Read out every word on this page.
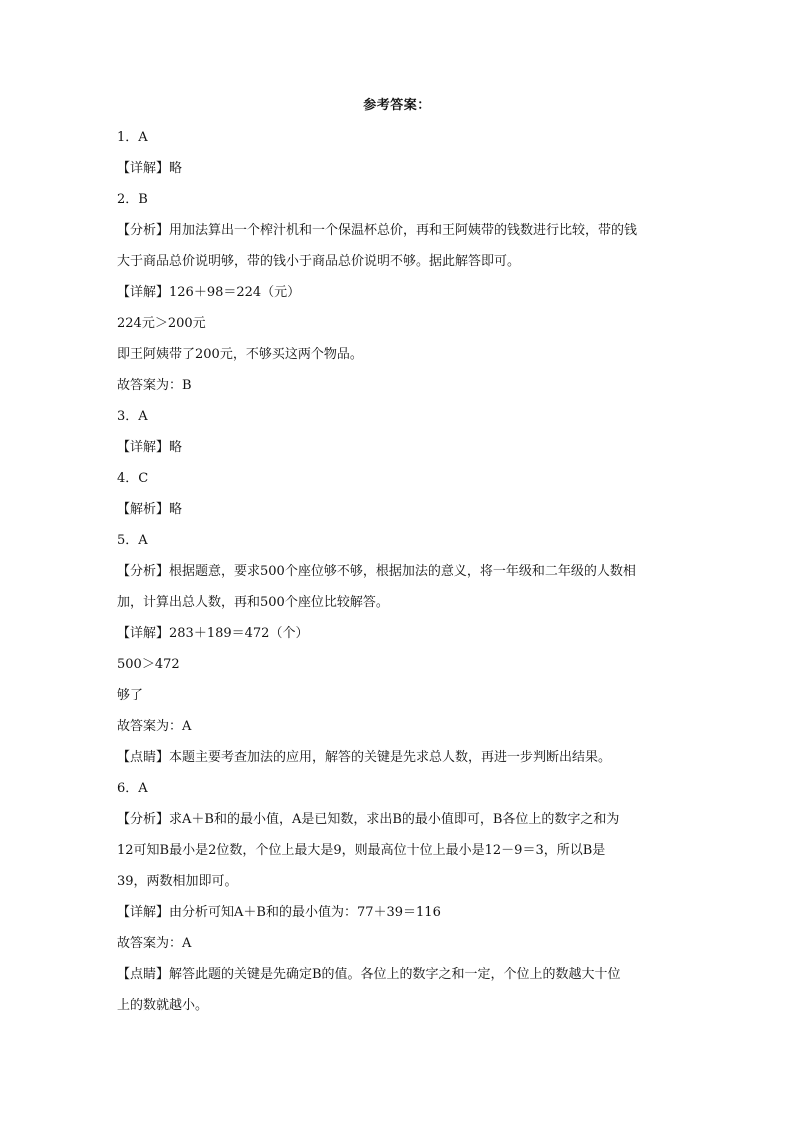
参考答案：
1．A
【详解】略
2．B
【分析】用加法算出一个榨汁机和一个保温杯总价，再和王阿姨带的钱数进行比较，带的钱
大于商品总价说明够，带的钱小于商品总价说明不够。据此解答即可。
【详解】126＋98＝224（元）
224元＞200元
即王阿姨带了200元，不够买这两个物品。
故答案为：B
3．A
【详解】略
4．C
【解析】略
5．A
【分析】根据题意，要求500个座位够不够，根据加法的意义，将一年级和二年级的人数相
加，计算出总人数，再和500个座位比较解答。
【详解】283＋189＝472（个）
500＞472
够了
故答案为：A
【点睛】本题主要考查加法的应用，解答的关键是先求总人数，再进一步判断出结果。
6．A
【分析】求A＋B和的最小值，A是已知数，求出B的最小值即可，B各位上的数字之和为
12可知B最小是2位数，个位上最大是9，则最高位十位上最小是12－9＝3，所以B是
39，两数相加即可。
【详解】由分析可知A＋B和的最小值为：77＋39＝116
故答案为：A
【点睛】解答此题的关键是先确定B的值。各位上的数字之和一定，个位上的数越大十位
上的数就越小。
